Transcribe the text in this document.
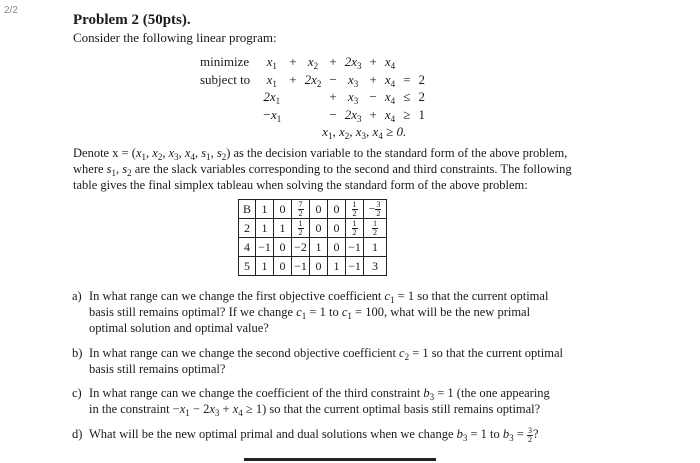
2/2
Problem 2 (50pts).
Consider the following linear program:
minimize	$x_1$	+	$x_2$	+	$2x_3$	+	$x_4$		
subject to	$x_1$	+	$2x_2$	−	$x_3$	+	$x_4$	=	2
	$2x_1$			+	$x_3$	−	$x_4$	≤	2
	$-x_1$			−	$2x_3$	+	$x_4$	≥	1
	$x_1$, $x_2$, $x_3$, $x_4 \ge 0$.								
Denote $x = (x_1$, $x_2$, $x_3$, $x_4$, $s_1$, $s_2$) as the decision variable to the standard form of the above problem,
where $s_1$, $s_2$ are the slack variables corresponding to the second and third constraints. The following
table gives the final simplex tableau when solving the standard form of the above problem:
B	1	0	$\frac{7}{2}$	0	0	$\frac{1}{2}$	− $\frac{3}{2}$

2	1	1	$\frac{1}{2}$	0	0	$\frac{1}{2}$	$\frac{1}{2}$

4	−1	0	−2	1	0	−1	1
5	1	0	−1	0	1	−1	3
a) In what range can we change the first objective coefficient $c_1 = 1$ so that the current optimal
basis still remains optimal? If we change $c_1 = 1$ to $c_1 = 100$, what will be the new primal
optimal solution and optimal value?
b) In what range can we change the second objective coefficient $c_2 = 1$ so that the current optimal
basis still remains optimal?
c) In what range can we change the coefficient of the third constraint $b_3 = 1$ (the one appearing
in the constraint $-x_1 - 2x_3 + x_4 \ge 1$) so that the current optimal basis still remains optimal?
d) What will be the new optimal primal and dual solutions when we change $b_3 = 1$ to $b_3 = \frac{3}{2}$ ?
